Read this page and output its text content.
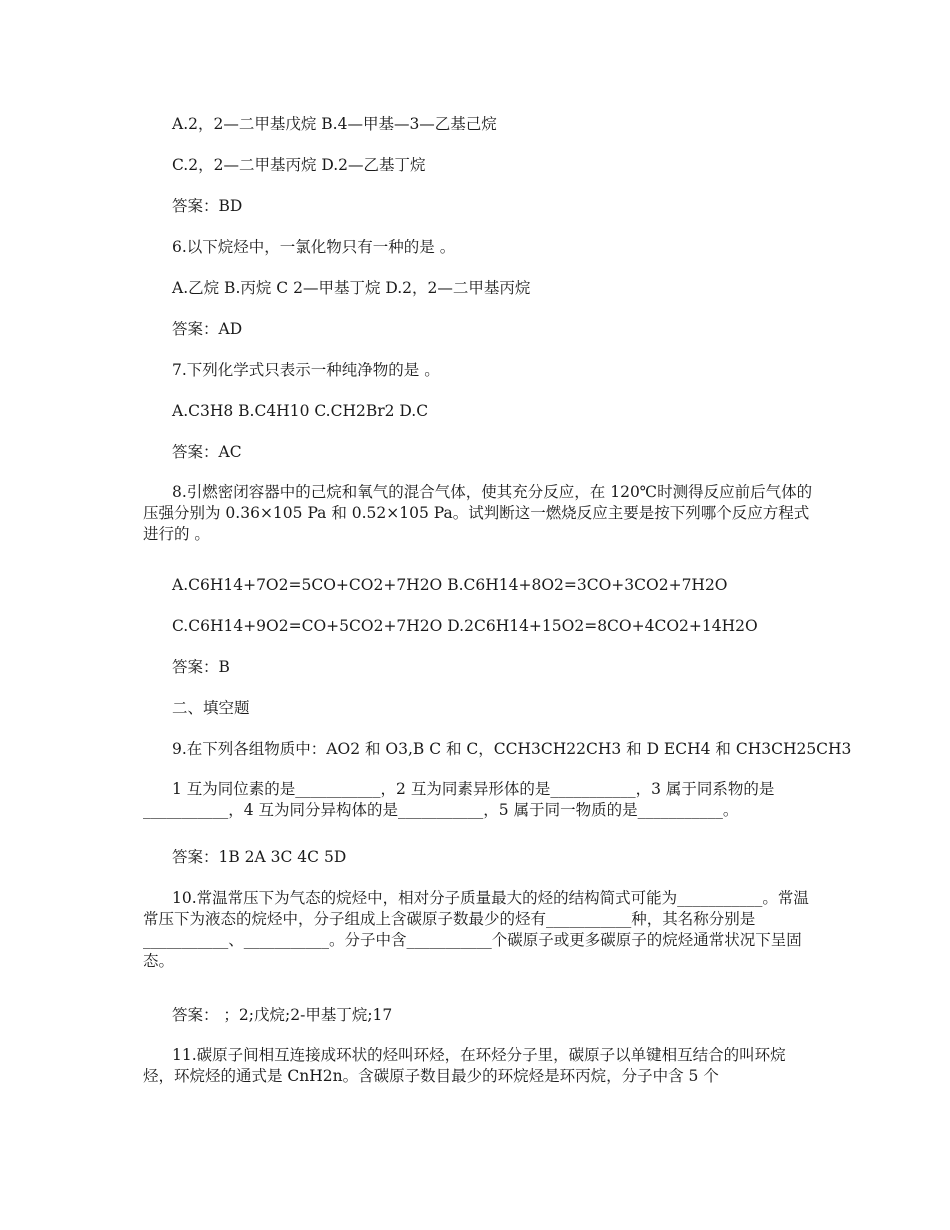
A.2，2—二甲基戊烷 B.4—甲基—3—乙基己烷
C.2，2—二甲基丙烷 D.2—乙基丁烷
答案：BD
6.以下烷烃中，一氯化物只有一种的是 。
A.乙烷 B.丙烷 C 2—甲基丁烷 D.2，2—二甲基丙烷
答案：AD
7.下列化学式只表示一种纯净物的是 。
A.C3H8 B.C4H10 C.CH2Br2 D.C
答案：AC
8.引燃密闭容器中的己烷和氧气的混合气体，使其充分反应，在 120℃时测得反应前后气体的压强分别为 0.36×105 Pa 和 0.52×105 Pa。试判断这一燃烧反应主要是按下列哪个反应方程式进行的 。
A.C6H14+7O2=5CO+CO2+7H2O B.C6H14+8O2=3CO+3CO2+7H2O
C.C6H14+9O2=CO+5CO2+7H2O D.2C6H14+15O2=8CO+4CO2+14H2O
答案：B
二、填空题
9.在下列各组物质中：AO2 和 O3,B C 和 C，CCH3CH22CH3 和 D ECH4 和 CH3CH25CH3
1 互为同位素的是___________，2 互为同素异形体的是___________，3 属于同系物的是___________，4 互为同分异构体的是___________，5 属于同一物质的是___________。
答案：1B 2A 3C 4C 5D
10.常温常压下为气态的烷烃中，相对分子质量最大的烃的结构简式可能为___________。常温常压下为液态的烷烃中，分子组成上含碳原子数最少的烃有___________种，其名称分别是___________、___________。分子中含___________个碳原子或更多碳原子的烷烃通常状况下呈固态。
答案： ；2;戊烷;2-甲基丁烷;17
11.碳原子间相互连接成环状的烃叫环烃，在环烃分子里，碳原子以单键相互结合的叫环烷烃，环烷烃的通式是 CnH2n。含碳原子数目最少的环烷烃是环丙烷，分子中含 5 个
